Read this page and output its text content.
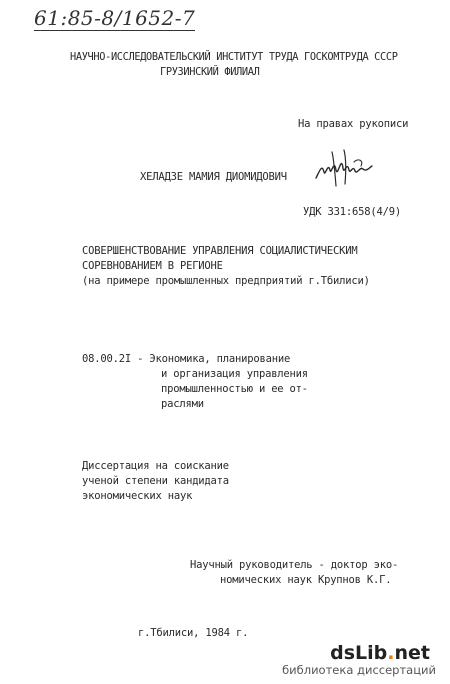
61:85-8/1652-7
НАУЧНО-ИССЛЕДОВАТЕЛЬСКИЙ ИНСТИТУТ ТРУДА ГОСКОМТРУДА СССР
ГРУЗИНСКИЙ ФИЛИАЛ
На правах рукописи
ХЕЛАДЗЕ МАМИЯ ДИОМИДОВИЧ
УДК 331:658(4/9)
СОВЕРШЕНСТВОВАНИЕ УПРАВЛЕНИЯ СОЦИАЛИСТИЧЕСКИМ
СОРЕВНОВАНИЕМ В РЕГИОНЕ
(на примере промышленных предприятий г.Тбилиси)
08.00.2I - Экономика, планирование
и организация управления
промышленностью и ее от-
раслями
Диссертация на соискание
ученой степени кандидата
экономических наук
Научный руководитель - доктор эко-
номических наук Крупнов К.Г.
г.Тбилиси, 1984 г.
dsLib.net
библиотека диссертаций
